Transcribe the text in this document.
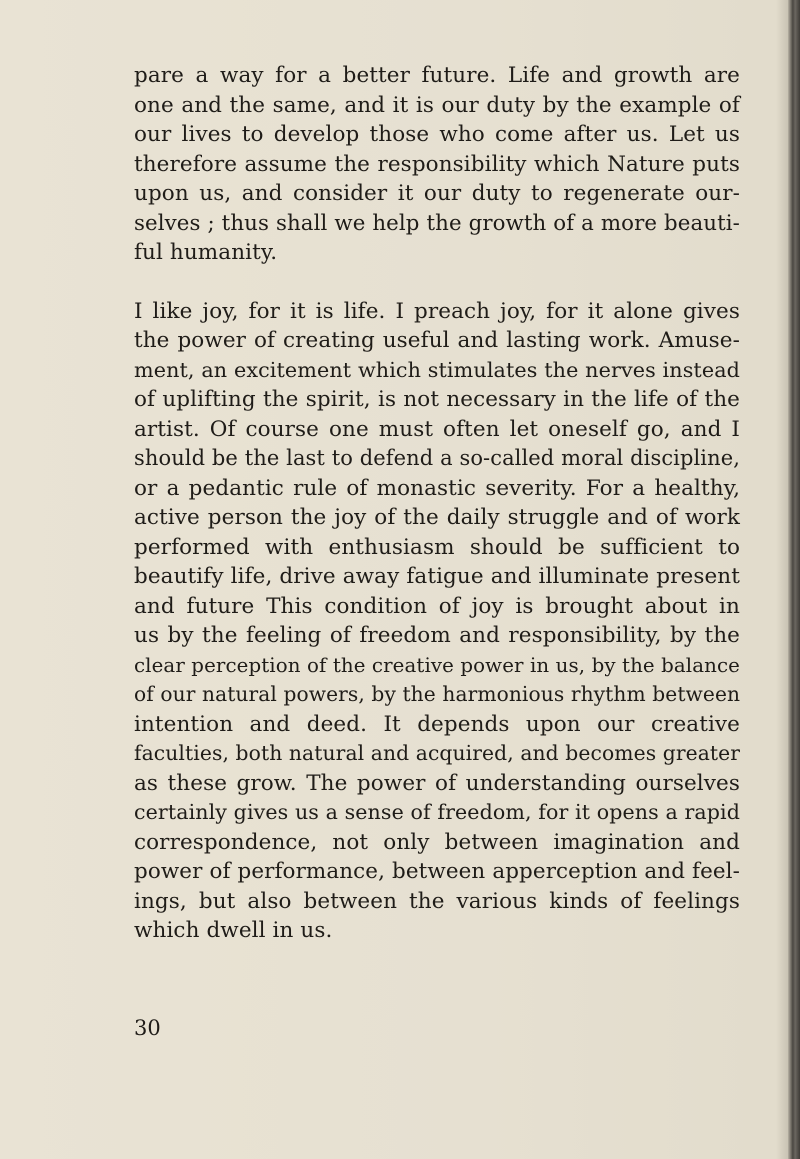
pare a way for a better future. Life and growth are
one and the same, and it is our duty by the example of
our lives to develop those who come after us. Let us
therefore assume the responsibility which Nature puts
upon us, and consider it our duty to regenerate our-
selves ; thus shall we help the growth of a more beauti-
ful humanity.

I like joy, for it is life. I preach joy, for it alone gives
the power of creating useful and lasting work. Amuse-
ment, an excitement which stimulates the nerves instead
of uplifting the spirit, is not necessary in the life of the
artist. Of course one must often let oneself go, and I
should be the last to defend a so-called moral discipline,
or a pedantic rule of monastic severity. For a healthy,
active person the joy of the daily struggle and of work
performed with enthusiasm should be sufficient to
beautify life, drive away fatigue and illuminate present
and future This condition of joy is brought about in
us by the feeling of freedom and responsibility, by the
clear perception of the creative power in us, by the balance
of our natural powers, by the harmonious rhythm between
intention and deed. It depends upon our creative
faculties, both natural and acquired, and becomes greater
as these grow. The power of understanding ourselves
certainly gives us a sense of freedom, for it opens a rapid
correspondence, not only between imagination and
power of performance, between apperception and feel-
ings, but also between the various kinds of feelings
which dwell in us.

30
